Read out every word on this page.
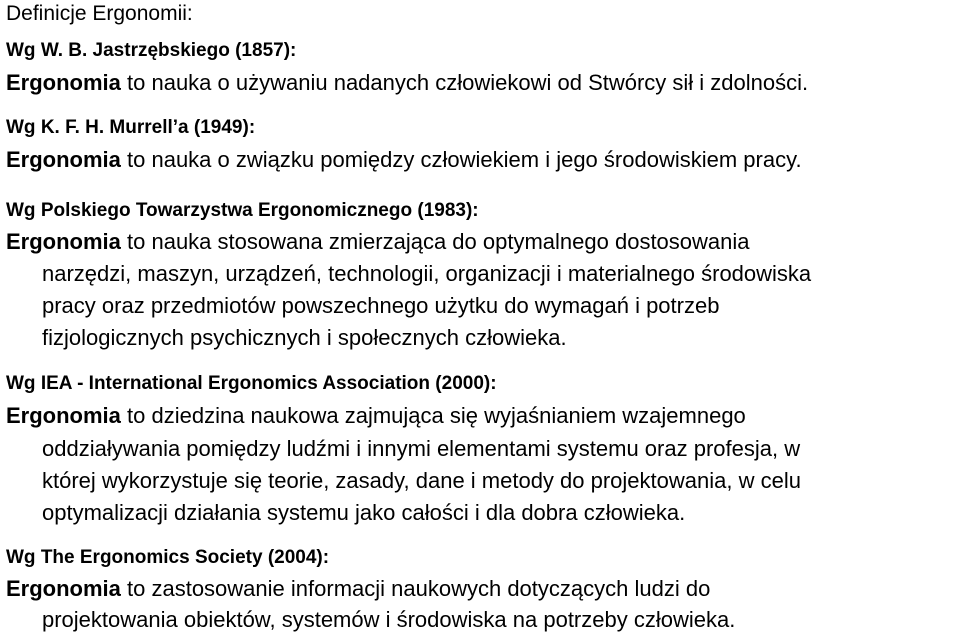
Definicje Ergonomii:
Wg W. B. Jastrzębskiego (1857):
Ergonomia to nauka o używaniu nadanych człowiekowi od Stwórcy sił i zdolności.
Wg K. F. H. Murrell’a (1949):
Ergonomia to nauka o związku pomiędzy człowiekiem i jego środowiskiem pracy.
Wg Polskiego Towarzystwa Ergonomicznego (1983):
Ergonomia to nauka stosowana zmierzająca do optymalnego dostosowania
narzędzi, maszyn, urządzeń, technologii, organizacji i materialnego środowiska
pracy oraz przedmiotów powszechnego użytku do wymagań i potrzeb
fizjologicznych psychicznych i społecznych człowieka.
Wg IEA - International Ergonomics Association (2000):
Ergonomia to dziedzina naukowa zajmująca się wyjaśnianiem wzajemnego
oddziaływania pomiędzy ludźmi i innymi elementami systemu oraz profesja, w
której wykorzystuje się teorie, zasady, dane i metody do projektowania, w celu
optymalizacji działania systemu jako całości i dla dobra człowieka.
Wg The Ergonomics Society (2004):
Ergonomia to zastosowanie informacji naukowych dotyczących ludzi do
projektowania obiektów, systemów i środowiska na potrzeby człowieka.
